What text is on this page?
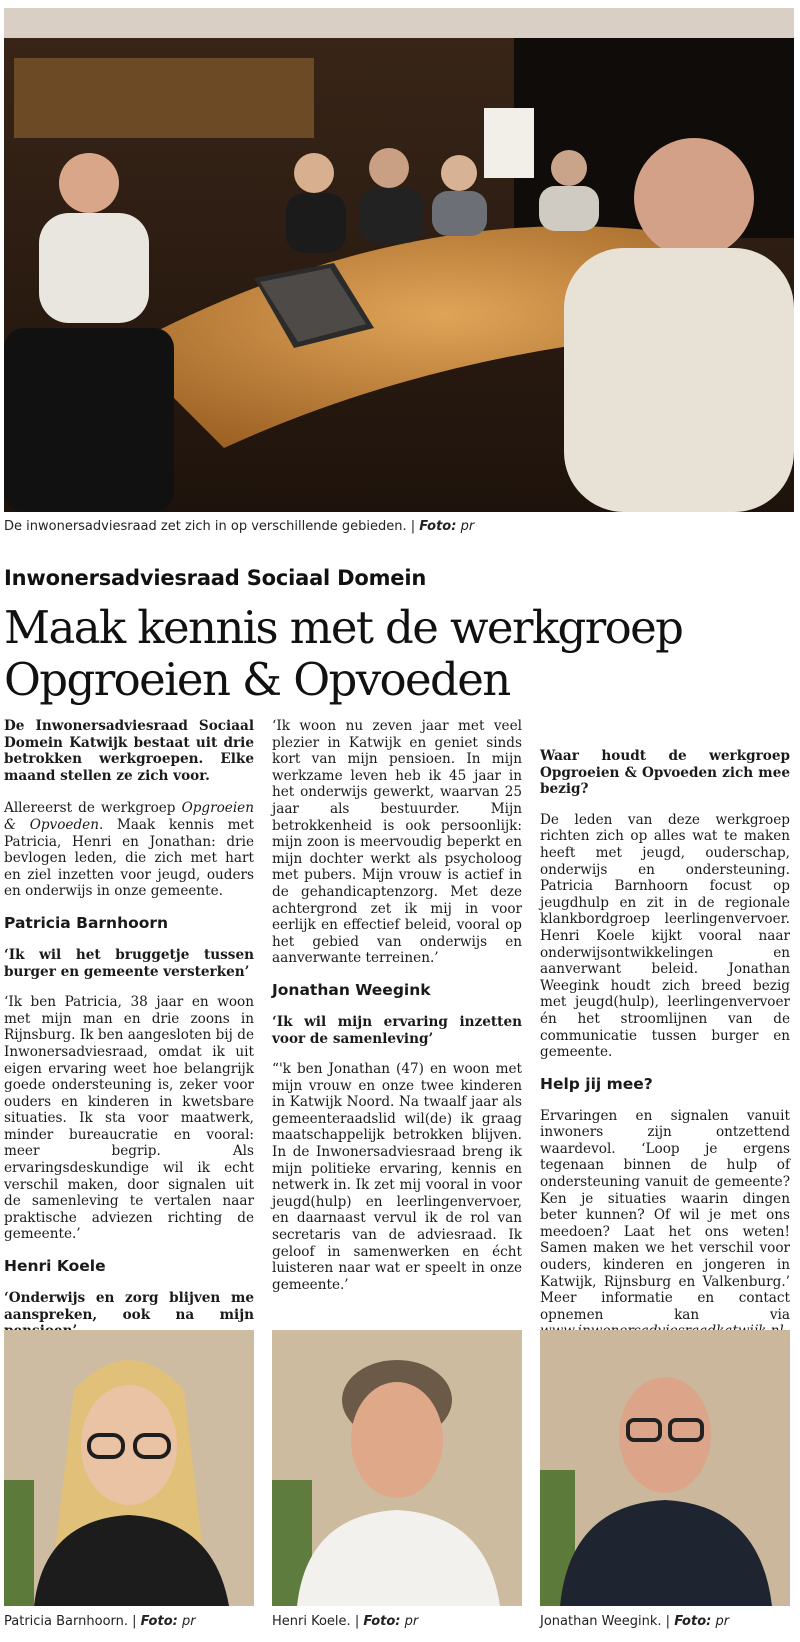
De inwonersadviesraad zet zich in op verschillende gebieden. | Foto: pr
Inwonersadviesraad Sociaal Domein
Maak kennis met de werkgroep
Opgroeien & Opvoeden

De Inwonersadviesraad Sociaal Domein Katwijk bestaat uit drie betrokken werkgroepen. Elke maand stellen ze zich voor.

Allereerst de werkgroep Opgroeien & Opvoeden. Maak kennis met Patricia, Henri en Jonathan: drie bevlogen leden, die zich met hart en ziel inzetten voor jeugd, ouders en onderwijs in onze gemeente.

Patricia Barnhoorn

‘Ik wil het bruggetje tussen burger en gemeente versterken’

‘Ik ben Patricia, 38 jaar en woon met mijn man en drie zoons in Rijnsburg. Ik ben aangesloten bij de Inwonersadviesraad, omdat ik uit eigen ervaring weet hoe belangrijk goede ondersteuning is, zeker voor ouders en kinderen in kwetsbare situaties. Ik sta voor maatwerk, minder bureaucratie en vooral: meer begrip. Als ervaringsdeskundige wil ik echt verschil maken, door signalen uit de samenleving te vertalen naar praktische adviezen richting de gemeente.’

Henri Koele

‘Onderwijs en zorg blijven me aanspreken, ook na mijn

‘Ik woon nu zeven jaar met veel plezier in Katwijk en geniet sinds kort van mijn pensioen. In mijn werkzame leven heb ik 45 jaar in het onderwijs gewerkt, waarvan 25 jaar als bestuurder. Mijn betrokkenheid is ook persoonlijk: mijn zoon is meervoudig beperkt en mijn dochter werkt als psycholoog met pubers. Mijn vrouw is actief in de gehandicaptenzorg. Met deze achtergrond zet ik mij in voor eerlijk en effectief beleid, vooral op het gebied van onderwijs en aanverwante terreinen.’

Jonathan Weegink

‘Ik wil mijn ervaring inzetten voor de samenleving’

“'k ben Jonathan (47) en woon met mijn vrouw en onze twee kinderen in Katwijk Noord. Na twaalf jaar als gemeenteraadslid wil(de) ik graag maatschappelijk betrokken blijven. In de Inwonersadviesraad breng ik mijn politieke ervaring, kennis en netwerk in. Ik zet mij vooral in voor jeugd(hulp) en leerlingenvervoer, en daarnaast vervul ik de rol van secretaris van de adviesraad. Ik geloof in samenwerken en écht luisteren naar wat er speelt in onze gemeente.’

Waar houdt de werkgroep Opgroeien & Opvoeden zich mee bezig?

De leden van deze werkgroep richten zich op alles wat te maken heeft met jeugd, ouderschap, onderwijs en ondersteuning. Patricia Barnhoorn focust op jeugdhulp en zit in de regionale klankbordgroep leerlingenvervoer. Henri Koele kijkt vooral naar onderwijsontwikkelingen en aanverwant beleid. Jonathan Weegink houdt zich breed bezig met jeugd(hulp), leerlingenvervoer én het stroomlijnen van de communicatie tussen burger en gemeente.

Help jij mee?

Ervaringen en signalen vanuit inwoners zijn ontzettend waardevol. ‘Loop je ergens tegenaan binnen de hulp of ondersteuning vanuit de gemeente? Ken je situaties waarin dingen beter kunnen? Of wil je met ons meedoen? Laat het ons weten! Samen maken we het verschil voor ouders, kinderen en jongeren in Katwijk, Rijnsburg en Valkenburg.’ Meer informatie en contact opnemen kan via

Patricia Barnhoorn. | Foto: pr	Henri Koele. | Foto: pr	Jonathan Weegink. | Foto: pr
